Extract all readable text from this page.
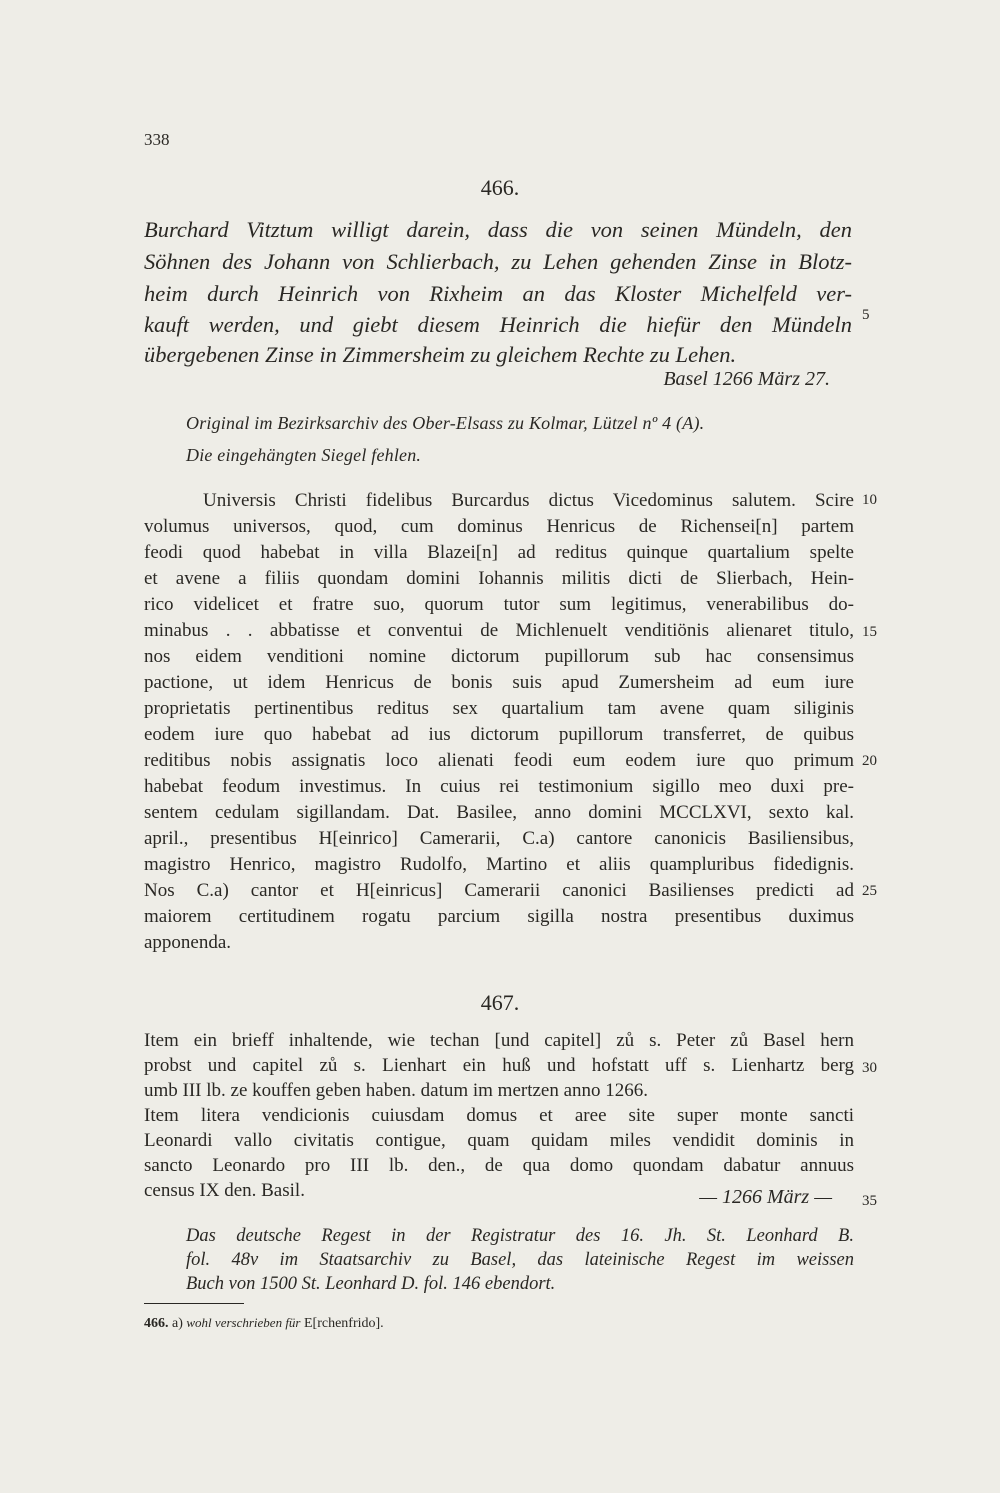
338
466.
Burchard Vitztum willigt darein, dass die von seinen Mündeln, den
Söhnen des Johann von Schlierbach, zu Lehen gehenden Zinse in Blotz-
heim durch Heinrich von Rixheim an das Kloster Michelfeld ver-
kauft werden, und giebt diesem Heinrich die hiefür den Mündeln
übergebenen Zinse in Zimmersheim zu gleichem Rechte zu Lehen.
5
Basel 1266 März 27.
Original im Bezirksarchiv des Ober-Elsass zu Kolmar, Lützel nº 4 (A).
Die eingehängten Siegel fehlen.
Universis Christi fidelibus Burcardus dictus Vicedominus salutem. Scire
volumus universos, quod, cum dominus Henricus de Richensei[n] partem
feodi quod habebat in villa Blazei[n] ad reditus quinque quartalium spelte
et avene a filiis quondam domini Iohannis militis dicti de Slierbach, Hein-
rico videlicet et fratre suo, quorum tutor sum legitimus, venerabilibus do-
minabus . . abbatisse et conventui de Michlenuelt venditiönis alienaret titulo,
nos eidem venditioni nomine dictorum pupillorum sub hac consensimus
pactione, ut idem Henricus de bonis suis apud Zumersheim ad eum iure
proprietatis pertinentibus reditus sex quartalium tam avene quam siliginis
eodem iure quo habebat ad ius dictorum pupillorum transferret, de quibus
reditibus nobis assignatis loco alienati feodi eum eodem iure quo primum
habebat feodum investimus. In cuius rei testimonium sigillo meo duxi pre-
sentem cedulam sigillandam. Dat. Basilee, anno domini MCCLXVI, sexto kal.
april., presentibus H[einrico] Camerarii, C.a) cantore canonicis Basiliensibus,
magistro Henrico, magistro Rudolfo, Martino et aliis quampluribus fidedignis.
Nos C.a) cantor et H[einricus] Camerarii canonici Basilienses predicti ad
maiorem certitudinem rogatu parcium sigilla nostra presentibus duximus
apponenda.
10
15
20
25
467.
Item ein brieff inhaltende, wie techan [und capitel] zů s. Peter zů Basel hern
probst und capitel zů s. Lienhart ein huß und hofstatt uff s. Lienhartz berg
umb III lb. ze kouffen geben haben. datum im mertzen anno 1266.
Item litera vendicionis cuiusdam domus et aree site super monte sancti
Leonardi vallo civitatis contigue, quam quidam miles vendidit dominis in
sancto Leonardo pro III lb. den., de qua domo quondam dabatur annuus
census IX den. Basil.	— 1266 März —
30
35
Das deutsche Regest in der Registratur des 16. Jh. St. Leonhard B.
fol. 48v im Staatsarchiv zu Basel, das lateinische Regest im weissen
Buch von 1500 St. Leonhard D. fol. 146 ebendort.
466. a) wohl verschrieben für E[rchenfrido].
